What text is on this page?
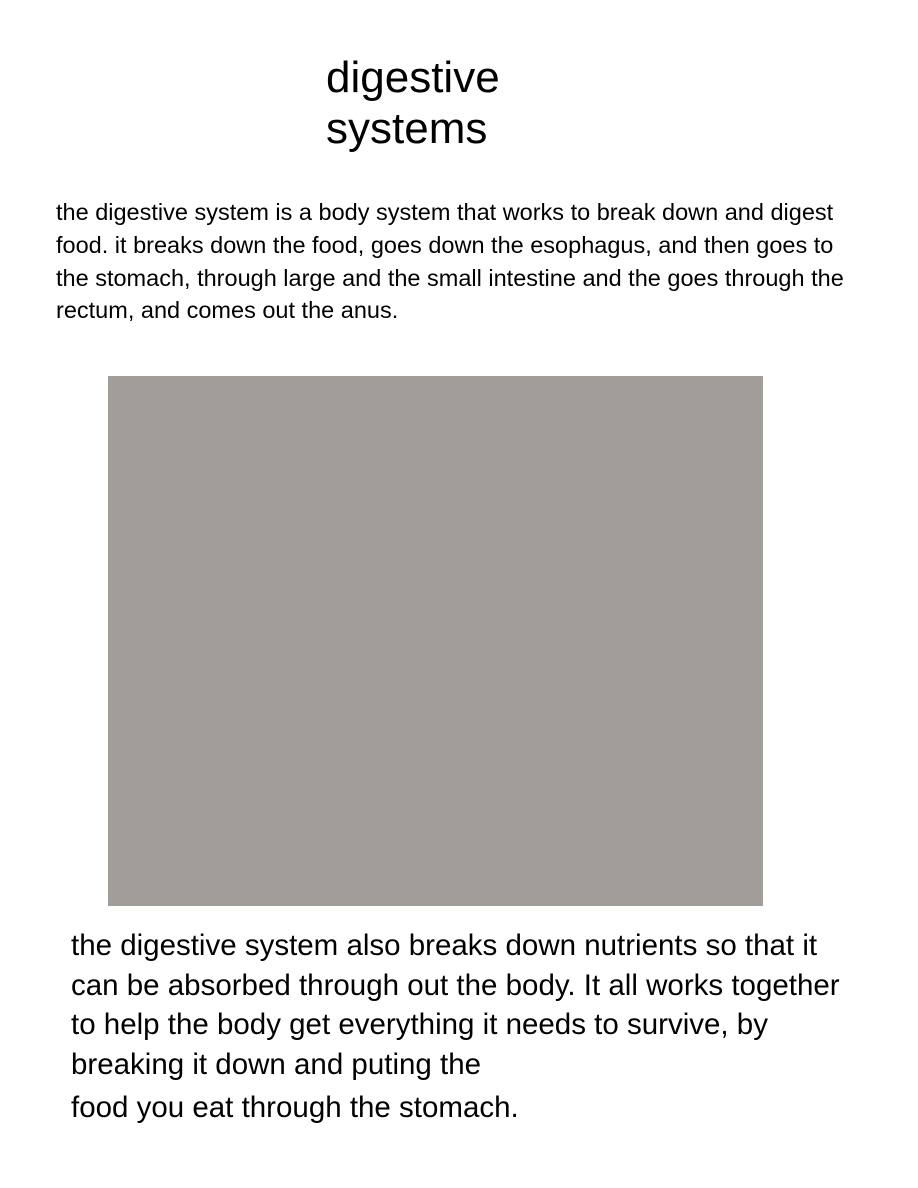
digestive
systems

the digestive system is a body system that works to break down and digest food. it breaks down the food, goes down the esophagus, and then goes to the stomach, through large and the small intestine and the goes through the rectum, and comes out the anus.

the digestive system also breaks down nutrients so that it can be absorbed through out the body. It all works together to help the body get everything it needs to survive, by breaking it down and puting the
food you eat through the stomach.
